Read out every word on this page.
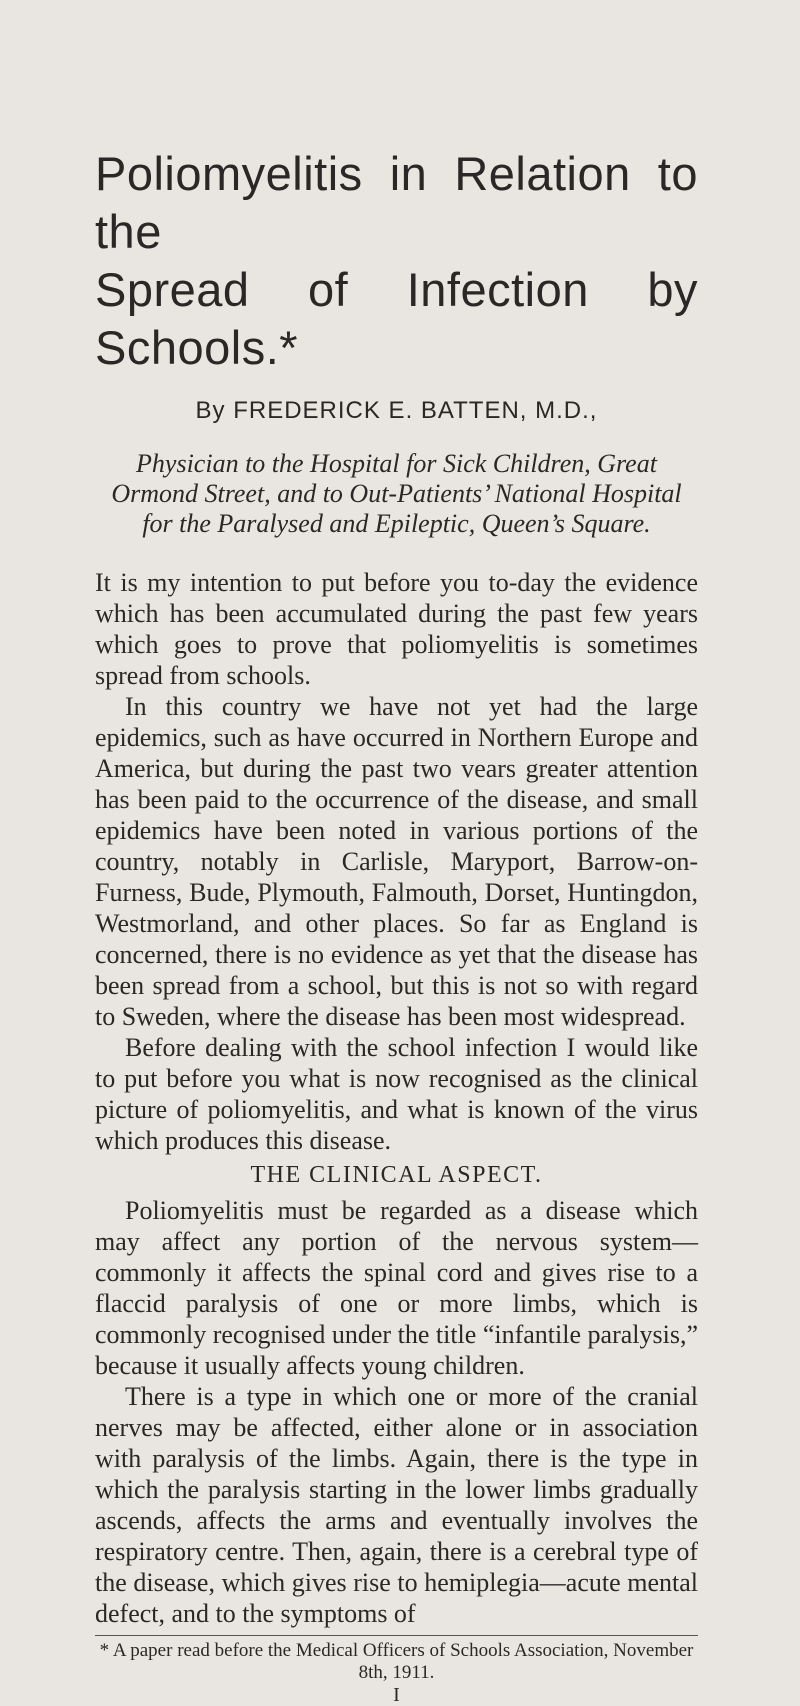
Poliomyelitis in Relation to the
Spread of Infection by Schools.*
By FREDERICK E. BATTEN, M.D.,
Physician to the Hospital for Sick Children, Great Ormond Street, and to Out-Patients’ National Hospital for the Paralysed and Epileptic, Queen’s Square.

It is my intention to put before you to-day the evidence which has been accumulated during the past few years which goes to prove that poliomyelitis is sometimes spread from schools.

In this country we have not yet had the large epidemics, such as have occurred in Northern Europe and America, but during the past two vears greater attention has been paid to the occurrence of the disease, and small epidemics have been noted in various portions of the country, notably in Carlisle, Maryport, Barrow-on-Furness, Bude, Plymouth, Falmouth, Dorset, Huntingdon, Westmorland, and other places. So far as England is concerned, there is no evidence as yet that the disease has been spread from a school, but this is not so with regard to Sweden, where the disease has been most widespread.

Before dealing with the school infection I would like to put before you what is now recognised as the clinical picture of poliomyelitis, and what is known of the virus which produces this disease.

THE CLINICAL ASPECT.

Poliomyelitis must be regarded as a disease which may affect any portion of the nervous system—commonly it affects the spinal cord and gives rise to a flaccid paralysis of one or more limbs, which is commonly recognised under the title “infantile paralysis,” because it usually affects young children.

There is a type in which one or more of the cranial nerves may be affected, either alone or in association with paralysis of the limbs. Again, there is the type in which the paralysis starting in the lower limbs gradually ascends, affects the arms and eventually involves the respiratory centre. Then, again, there is a cerebral type of the disease, which gives rise to hemiplegia—acute mental defect, and to the symptoms of

* A paper read before the Medical Officers of Schools Association, November 8th, 1911.
I
